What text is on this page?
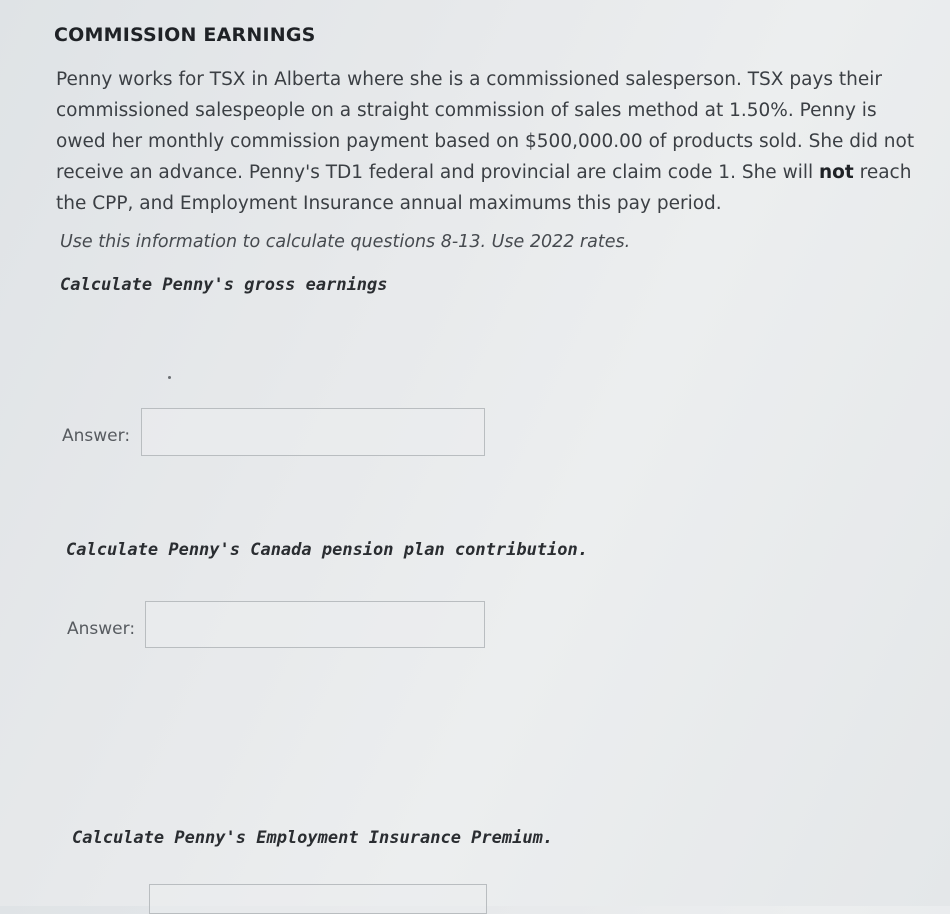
COMMISSION EARNINGS
Penny works for TSX in Alberta where she is a commissioned salesperson. TSX pays their commissioned salespeople on a straight commission of sales method at 1.50%. Penny is owed her monthly commission payment based on $500,000.00 of products sold. She did not receive an advance. Penny's TD1 federal and provincial are claim code 1. She will not reach the CPP, and Employment Insurance annual maximums this pay period.
Use this information to calculate questions 8-13. Use 2022 rates.
Calculate Penny's gross earnings
Answer:
Calculate Penny's Canada pension plan contribution.
Answer:
Calculate Penny's Employment Insurance Premium.
